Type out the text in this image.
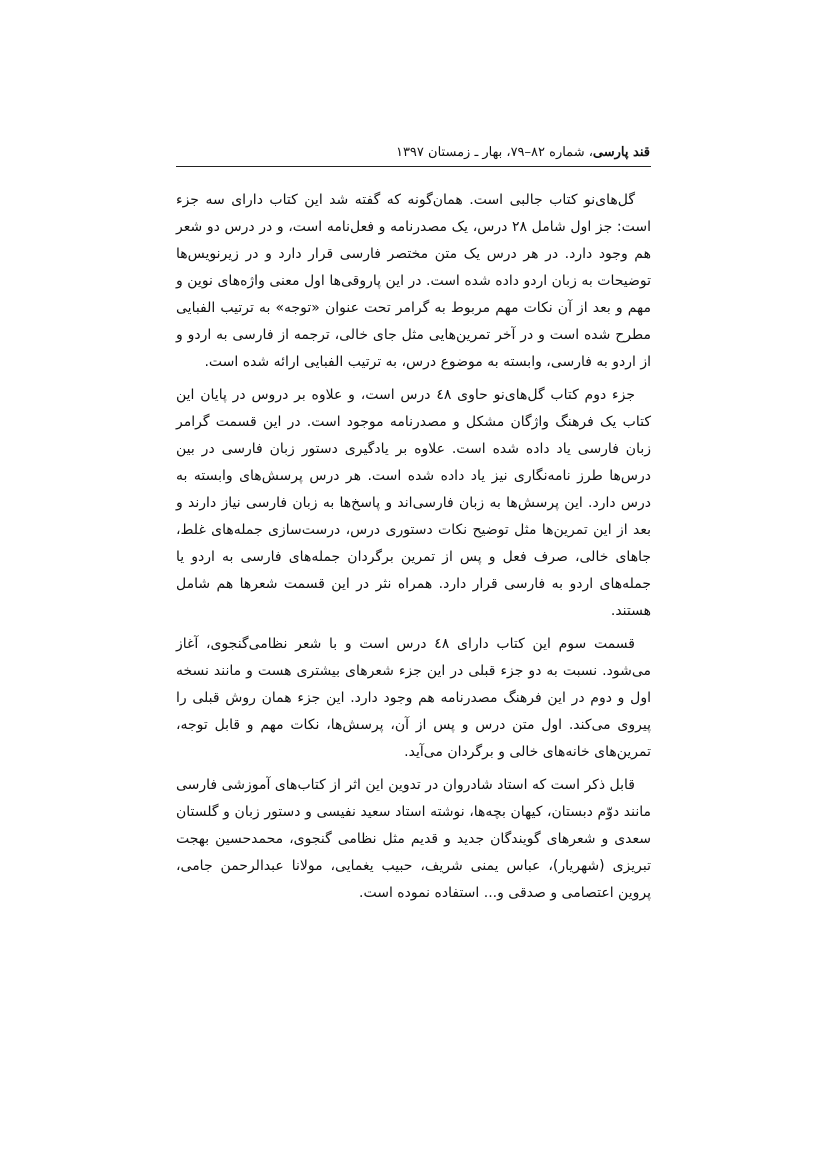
قند پارسی، شماره ۸۲–۷۹، بهار ـ زمستان ۱۳۹۷

گل‌های‌نو کتاب جالبی است. همان‌گونه که گفته شد این کتاب دارای سه جزء است: جز اول شامل ۲۸ درس، یک مصدرنامه و فعل‌نامه است، و در درس دو شعر هم وجود دارد. در هر درس یک متن مختصر فارسی قرار دارد و در زیرنویس‌ها توضیحات به زبان اردو داده شده است. در این پاروقی‌ها اول معنی واژه‌های نوین و مهم و بعد از آن نکات مهم مربوط به گرامر تحت عنوان «توجه» به ترتیب الفبایی مطرح شده است و در آخر تمرین‌هایی مثل جای خالی، ترجمه از فارسی به اردو و از اردو به فارسی، وابسته به موضوع درس، به ترتیب الفبایی ارائه شده است.

جزء دوم کتاب گل‌های‌نو حاوی ٤۸ درس است، و علاوه بر دروس در پایان این کتاب یک فرهنگ واژگان مشکل و مصدرنامه موجود است. در این قسمت گرامر زبان فارسی یاد داده شده است. علاوه بر یادگیری دستور زبان فارسی در بین درس‌ها طرز نامه‌نگاری نیز یاد داده شده است. هر درس پرسش‌های وابسته به درس دارد. این پرسش‌ها به زبان فارسی‌اند و پاسخ‌ها به زبان فارسی نیاز دارند و بعد از این تمرین‌ها مثل توضیح نکات دستوری درس، درست‌سازی جمله‌های غلط، جاهای خالی، صرف فعل و پس از تمرین برگردان جمله‌های فارسی به اردو یا جمله‌های اردو به فارسی قرار دارد. همراه نثر در این قسمت شعرها هم شامل هستند.

قسمت سوم این کتاب دارای ٤۸ درس است و با شعر نظامی‌گنجوی، آغاز می‌شود. نسبت به دو جزء قبلی در این جزء شعرهای بیشتری هست و مانند نسخه اول و دوم در این فرهنگ مصدرنامه هم وجود دارد. این جزء همان روش قبلی را پیروی می‌کند. اول متن درس و پس از آن، پرسش‌ها، نکات مهم و قابل توجه، تمرین‌های خانه‌های خالی و برگردان می‌آید.

قابل ذکر است که استاد شادروان در تدوین این اثر از کتاب‌های آموزشی فارسی مانند دوّم دبستان، کیهان بچه‌ها، نوشته استاد سعید نفیسی و دستور زبان و گلستان سعدی و شعرهای گویندگان جدید و قدیم مثل نظامی گنجوی، محمدحسین بهجت تبریزی (شهریار)، عباس یمنی شریف، حبیب یغمایی، مولانا عبدالرحمن جامی، پروین اعتصامی و صدقی و... استفاده نموده است.
